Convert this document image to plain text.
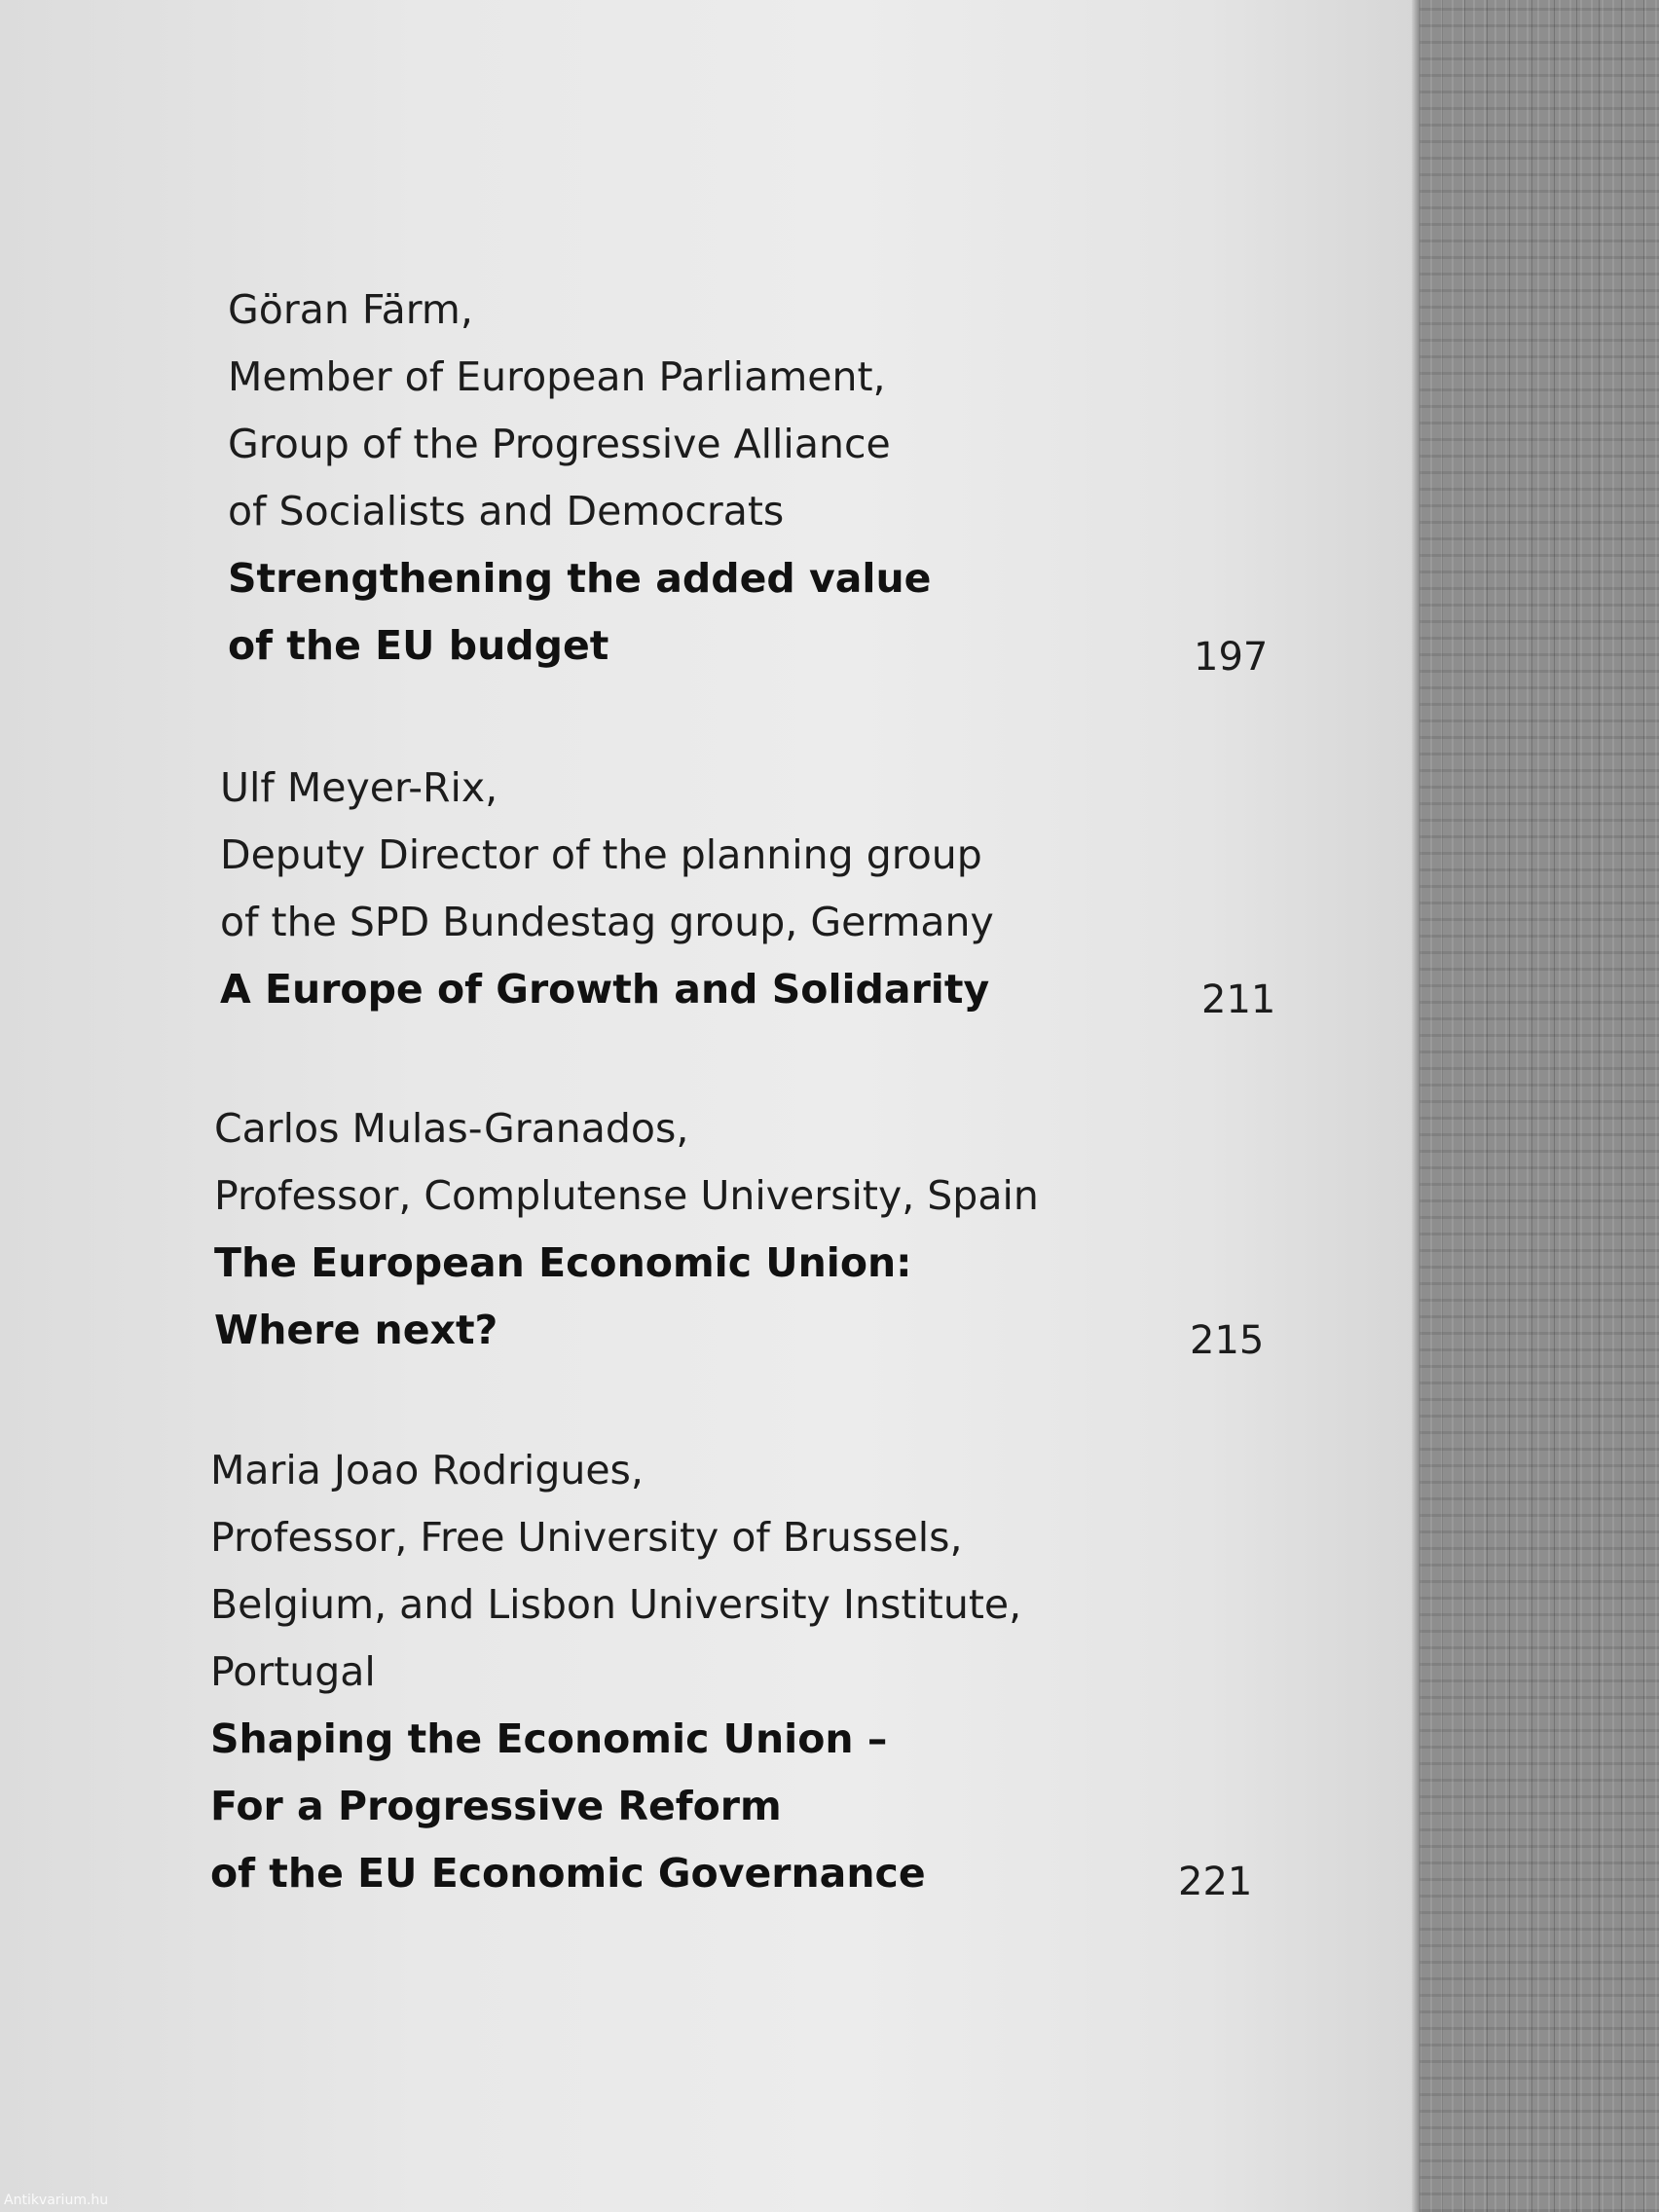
Göran Färm,
Member of European Parliament,
Group of the Progressive Alliance
of Socialists and Democrats
Strengthening the added value
of the EU budget	197
Ulf Meyer-Rix,
Deputy Director of the planning group
of the SPD Bundestag group, Germany
A Europe of Growth and Solidarity	211
Carlos Mulas-Granados,
Professor, Complutense University, Spain
The European Economic Union:
Where next?	215
Maria Joao Rodrigues,
Professor, Free University of Brussels,
Belgium, and Lisbon University Institute,
Portugal
Shaping the Economic Union –
For a Progressive Reform
of the EU Economic Governance	221
Antikvarium.hu
